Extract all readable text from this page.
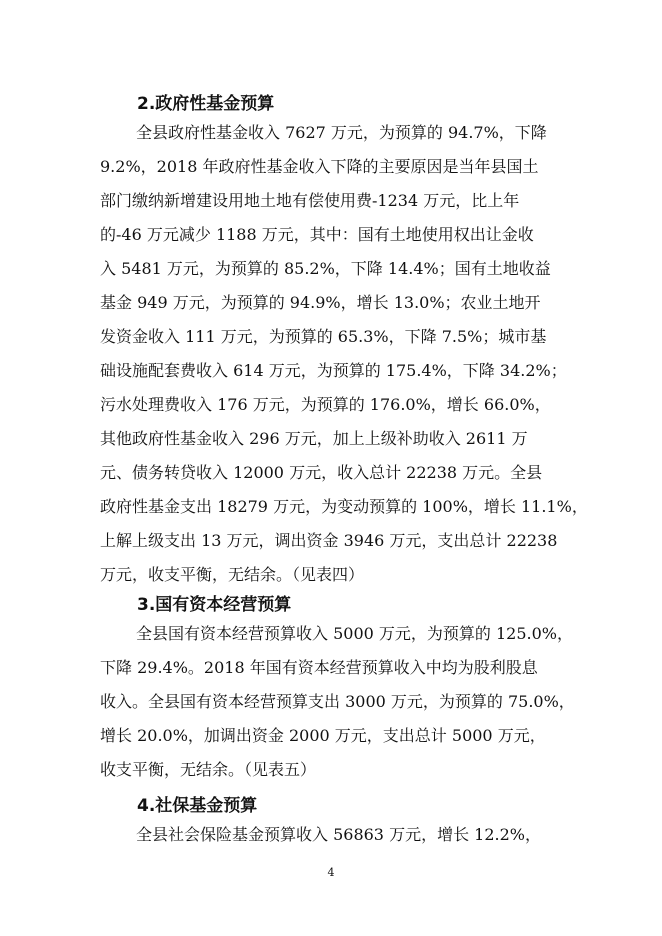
2.政府性基金预算
全县政府性基金收入 7627 万元，为预算的 94.7%，下降
9.2%，2018 年政府性基金收入下降的主要原因是当年县国土
部门缴纳新增建设用地土地有偿使用费-1234 万元，比上年
的-46 万元减少 1188 万元，其中：国有土地使用权出让金收
入 5481 万元，为预算的 85.2%，下降 14.4%；国有土地收益
基金 949 万元，为预算的 94.9%，增长 13.0%；农业土地开
发资金收入 111 万元，为预算的 65.3%，下降 7.5%；城市基
础设施配套费收入 614 万元，为预算的 175.4%，下降 34.2%；
污水处理费收入 176 万元，为预算的 176.0%，增长 66.0%，
其他政府性基金收入 296 万元，加上上级补助收入 2611 万
元、债务转贷收入 12000 万元，收入总计 22238 万元。全县
政府性基金支出 18279 万元，为变动预算的 100%，增长 11.1%，
上解上级支出 13 万元，调出资金 3946 万元，支出总计 22238
万元，收支平衡，无结余。（见表四）
3.国有资本经营预算
全县国有资本经营预算收入 5000 万元，为预算的 125.0%，
下降 29.4%。2018 年国有资本经营预算收入中均为股利股息
收入。全县国有资本经营预算支出 3000 万元，为预算的 75.0%，
增长 20.0%，加调出资金 2000 万元，支出总计 5000 万元，
收支平衡，无结余。（见表五）
4.社保基金预算
全县社会保险基金预算收入 56863 万元，增长 12.2%，
4
